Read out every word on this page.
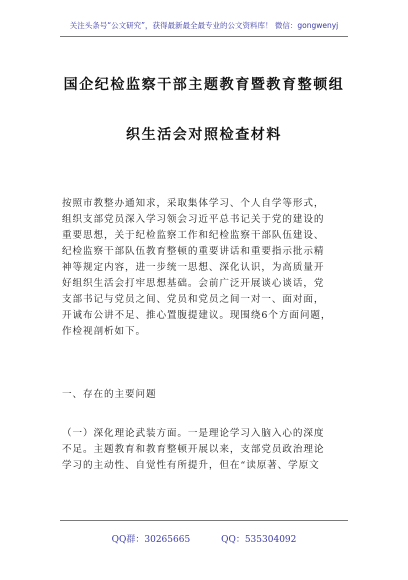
关注头条号“公文研究”，获得最新最全最专业的公文资料库！ 微信：gongwenyj
国企纪检监察干部主题教育暨教育整顿组
织生活会对照检查材料
按照市教整办通知求，采取集体学习、个人自学等形式，
组织支部党员深入学习领会习近平总书记关于党的建设的
重要思想，关于纪检监察工作和纪检监察干部队伍建设、
纪检监察干部队伍教育整顿的重要讲话和重要指示批示精
神等规定内容，进一步统一思想、深化认识，为高质量开
好组织生活会打牢思想基础。会前广泛开展谈心谈话，党
支部书记与党员之间、党员和党员之间一对一、面对面，
开诚布公讲不足、推心置腹提建议。现围绕6个方面问题，
作检视剖析如下。
一、存在的主要问题
（一）深化理论武装方面。一是理论学习入脑入心的深度
不足。主题教育和教育整顿开展以来，支部党员政治理论
学习的主动性、自觉性有所提升，但在“读原著、学原文
QQ群：30265665	QQ：535304092
